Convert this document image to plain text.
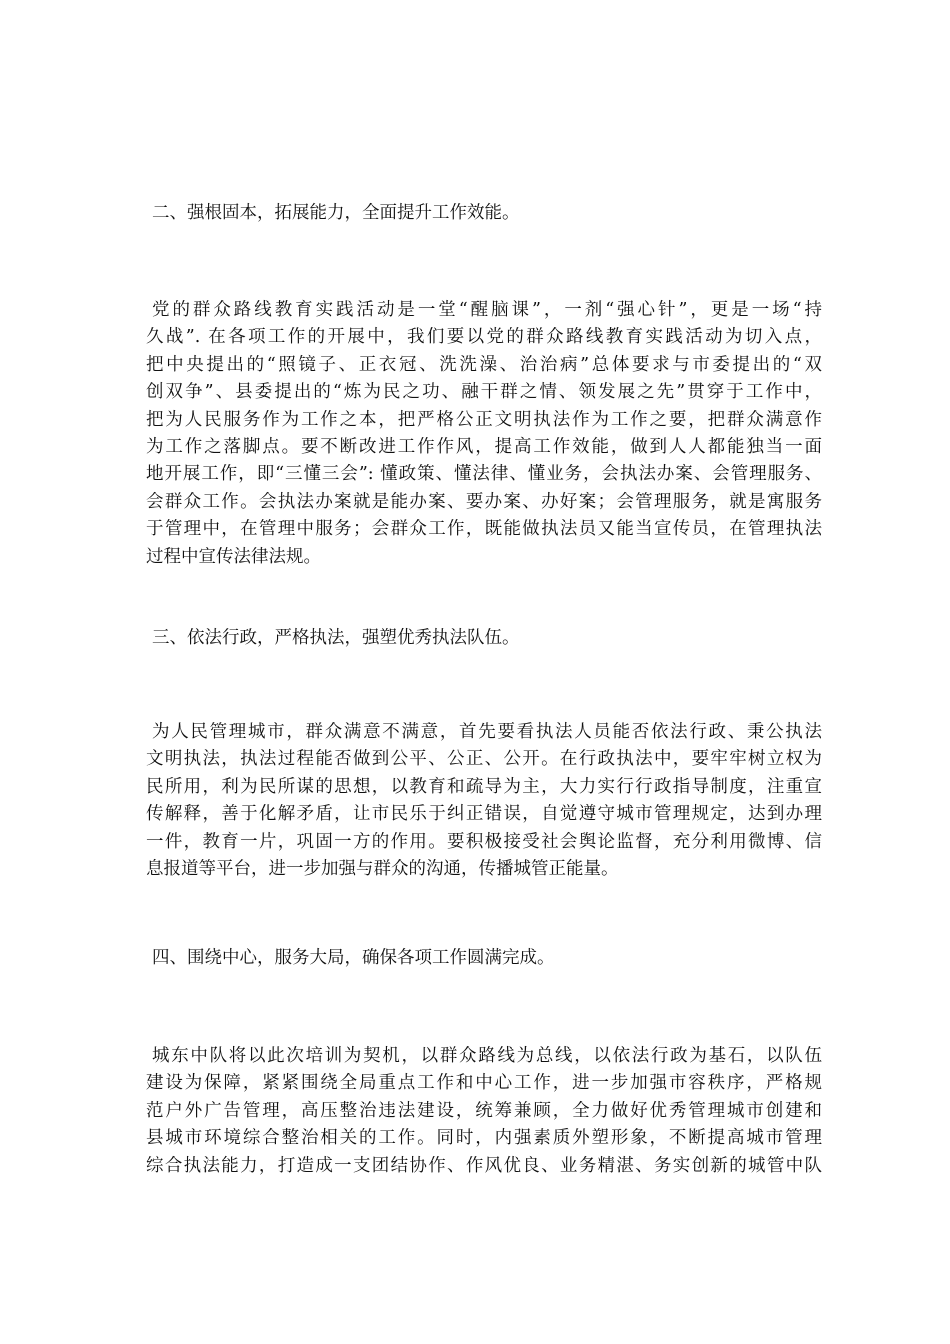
二、强根固本，拓展能力，全面提升工作效能。
党的群众路线教育实践活动是一堂“醒脑课”，一剂“强心针”，更是一场“持
久战”. 在各项工作的开展中，我们要以党的群众路线教育实践活动为切入点，
把中央提出的“照镜子、正衣冠、洗洗澡、治治病”总体要求与市委提出的“双
创双争”、县委提出的“炼为民之功、融干群之情、领发展之先”贯穿于工作中，
把为人民服务作为工作之本，把严格公正文明执法作为工作之要，把群众满意作
为工作之落脚点。要不断改进工作作风，提高工作效能，做到人人都能独当一面
地开展工作，即“三懂三会”: 懂政策、懂法律、懂业务，会执法办案、会管理服务、
会群众工作。会执法办案就是能办案、要办案、办好案；会管理服务，就是寓服务
于管理中，在管理中服务；会群众工作，既能做执法员又能当宣传员，在管理执法
过程中宣传法律法规。
三、依法行政，严格执法，强塑优秀执法队伍。
为人民管理城市，群众满意不满意，首先要看执法人员能否依法行政、秉公执法
文明执法，执法过程能否做到公平、公正、公开。在行政执法中，要牢牢树立权为
民所用，利为民所谋的思想，以教育和疏导为主，大力实行行政指导制度，注重宣
传解释，善于化解矛盾，让市民乐于纠正错误，自觉遵守城市管理规定，达到办理
一件，教育一片，巩固一方的作用。要积极接受社会舆论监督，充分利用微博、信
息报道等平台，进一步加强与群众的沟通，传播城管正能量。
四、围绕中心，服务大局，确保各项工作圆满完成。
城东中队将以此次培训为契机，以群众路线为总线，以依法行政为基石，以队伍
建设为保障，紧紧围绕全局重点工作和中心工作，进一步加强市容秩序，严格规
范户外广告管理，高压整治违法建设，统筹兼顾，全力做好优秀管理城市创建和
县城市环境综合整治相关的工作。同时，内强素质外塑形象，不断提高城市管理
综合执法能力，打造成一支团结协作、作风优良、业务精湛、务实创新的城管中队
